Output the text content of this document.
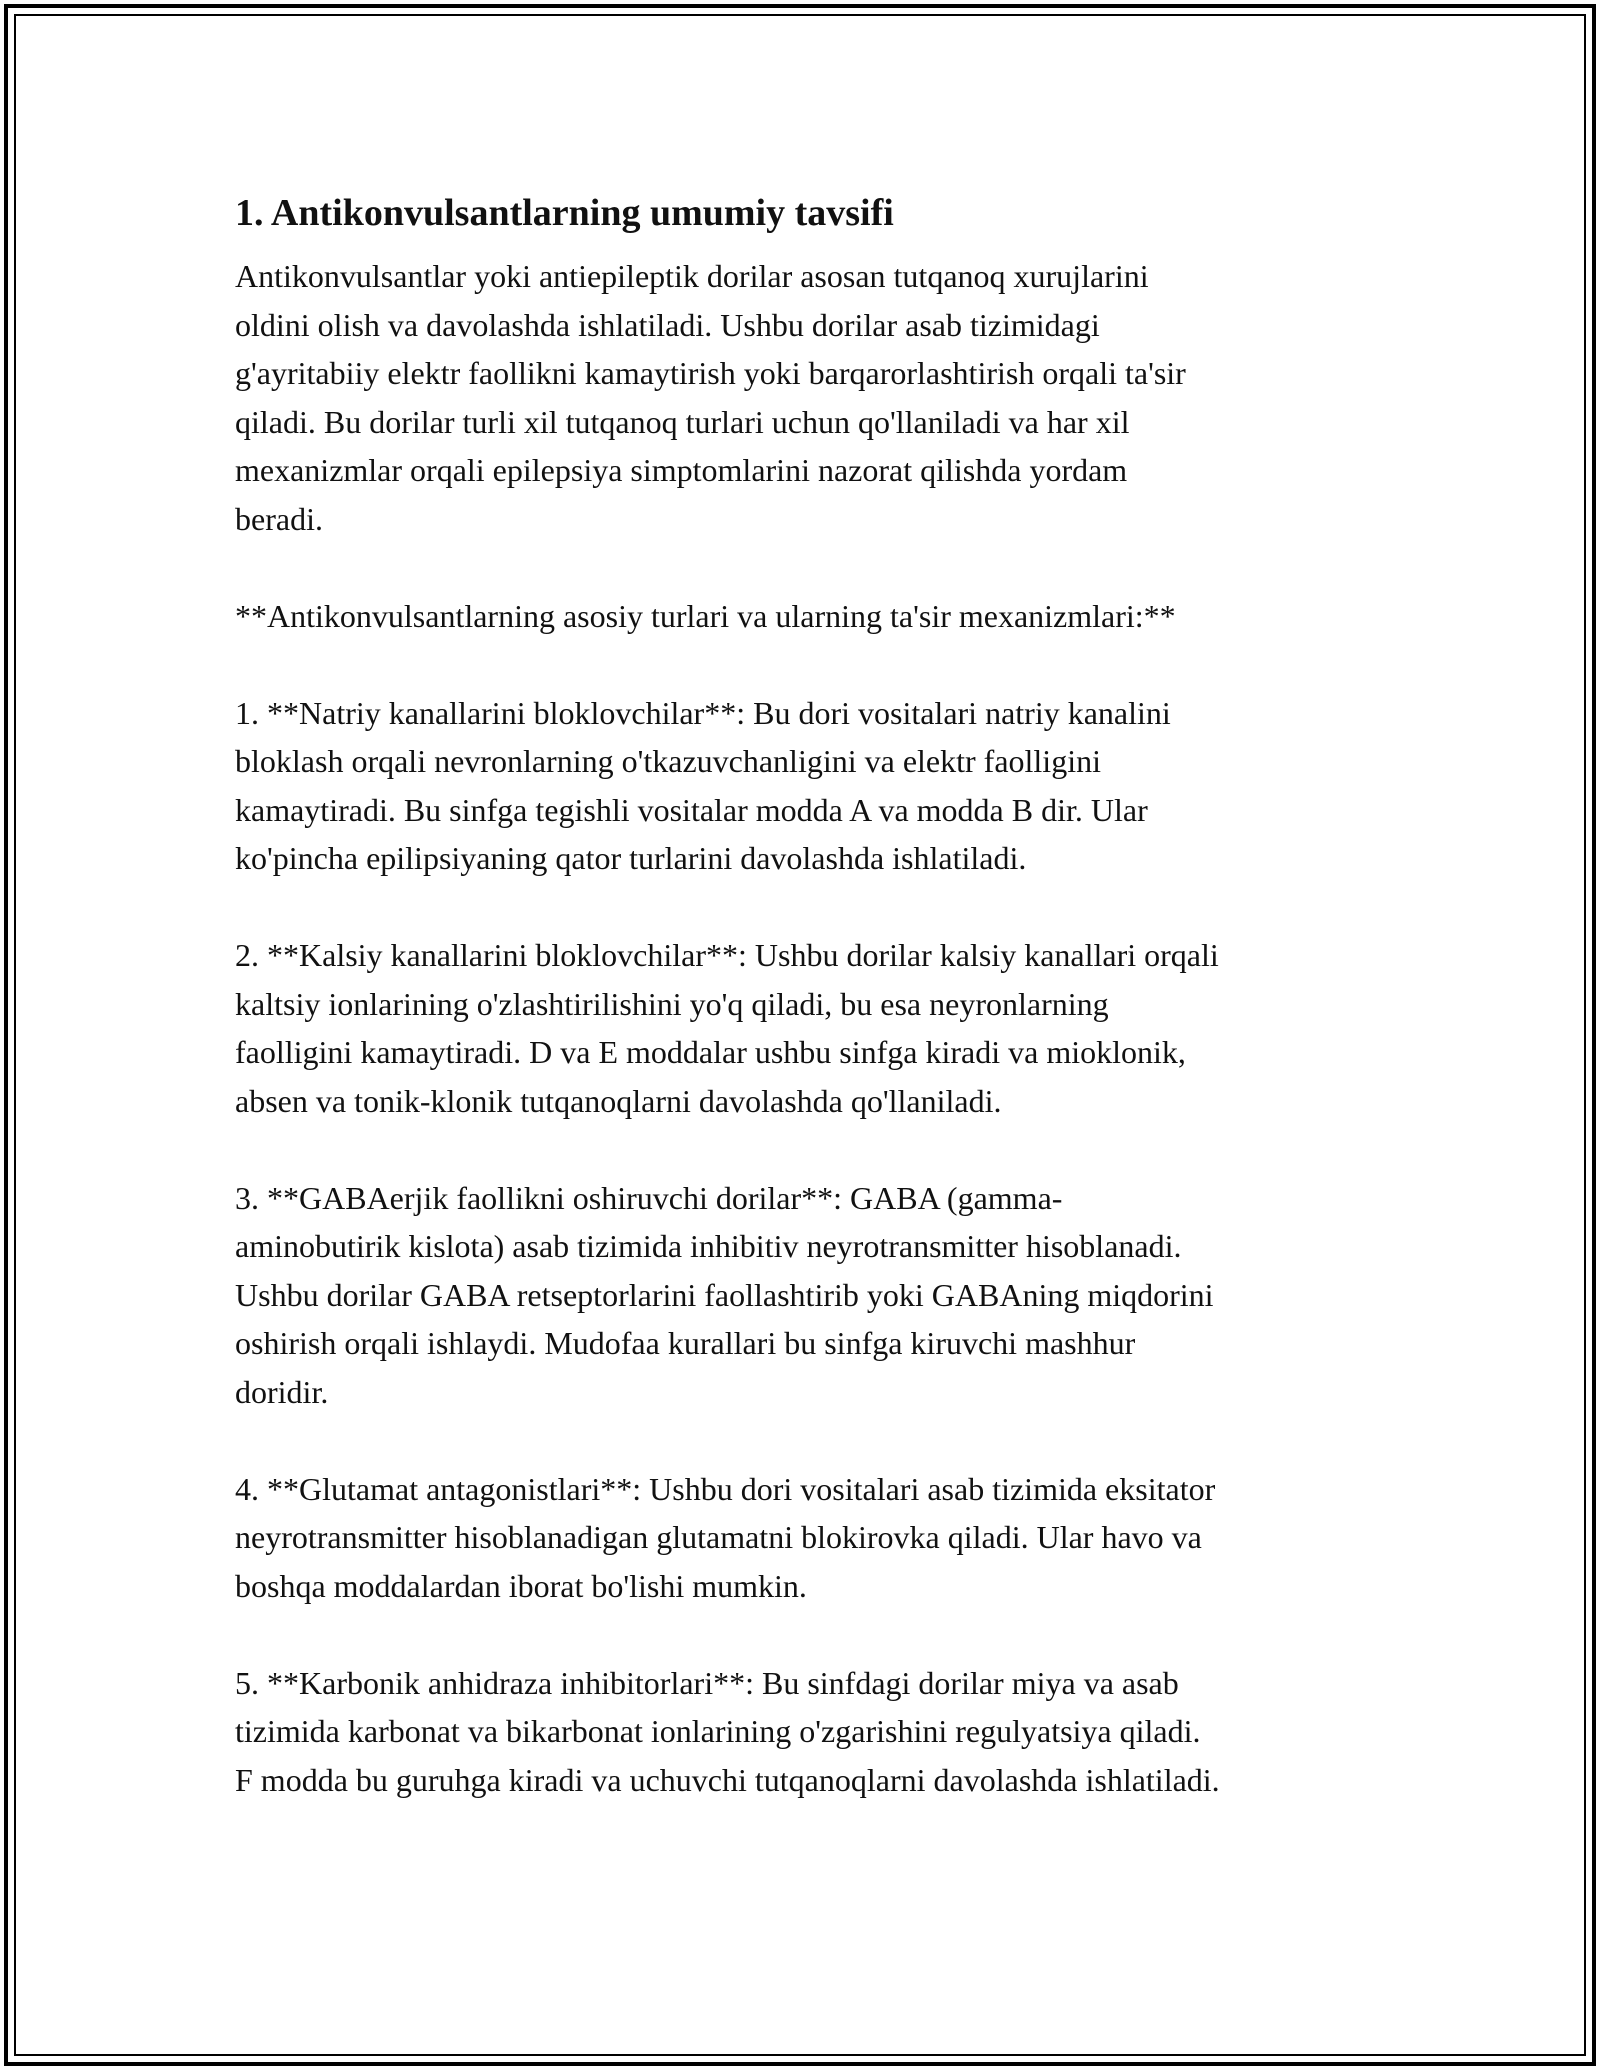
1. Antikonvulsantlarning umumiy tavsifi
Antikonvulsantlar yoki antiepileptik dorilar asosan tutqanoq xurujlarini
oldini olish va davolashda ishlatiladi. Ushbu dorilar asab tizimidagi
g'ayritabiiy elektr faollikni kamaytirish yoki barqarorlashtirish orqali ta'sir
qiladi. Bu dorilar turli xil tutqanoq turlari uchun qo'llaniladi va har xil
mexanizmlar orqali epilepsiya simptomlarini nazorat qilishda yordam
beradi.
**Antikonvulsantlarning asosiy turlari va ularning ta'sir mexanizmlari:**
1. **Natriy kanallarini bloklovchilar**: Bu dori vositalari natriy kanalini
bloklash orqali nevronlarning o'tkazuvchanligini va elektr faolligini
kamaytiradi. Bu sinfga tegishli vositalar modda A va modda B dir. Ular
ko'pincha epilipsiyaning qator turlarini davolashda ishlatiladi.
2. **Kalsiy kanallarini bloklovchilar**: Ushbu dorilar kalsiy kanallari orqali
kaltsiy ionlarining o'zlashtirilishini yo'q qiladi, bu esa neyronlarning
faolligini kamaytiradi. D va E moddalar ushbu sinfga kiradi va mioklonik,
absen va tonik-klonik tutqanoqlarni davolashda qo'llaniladi.
3. **GABAerjik faollikni oshiruvchi dorilar**: GABA (gamma-
aminobutirik kislota) asab tizimida inhibitiv neyrotransmitter hisoblanadi.
Ushbu dorilar GABA retseptorlarini faollashtirib yoki GABAning miqdorini
oshirish orqali ishlaydi. Mudofaa kurallari bu sinfga kiruvchi mashhur
doridir.
4. **Glutamat antagonistlari**: Ushbu dori vositalari asab tizimida eksitator
neyrotransmitter hisoblanadigan glutamatni blokirovka qiladi. Ular havo va
boshqa moddalardan iborat bo'lishi mumkin.
5. **Karbonik anhidraza inhibitorlari**: Bu sinfdagi dorilar miya va asab
tizimida karbonat va bikarbonat ionlarining o'zgarishini regulyatsiya qiladi.
F modda bu guruhga kiradi va uchuvchi tutqanoqlarni davolashda ishlatiladi.
